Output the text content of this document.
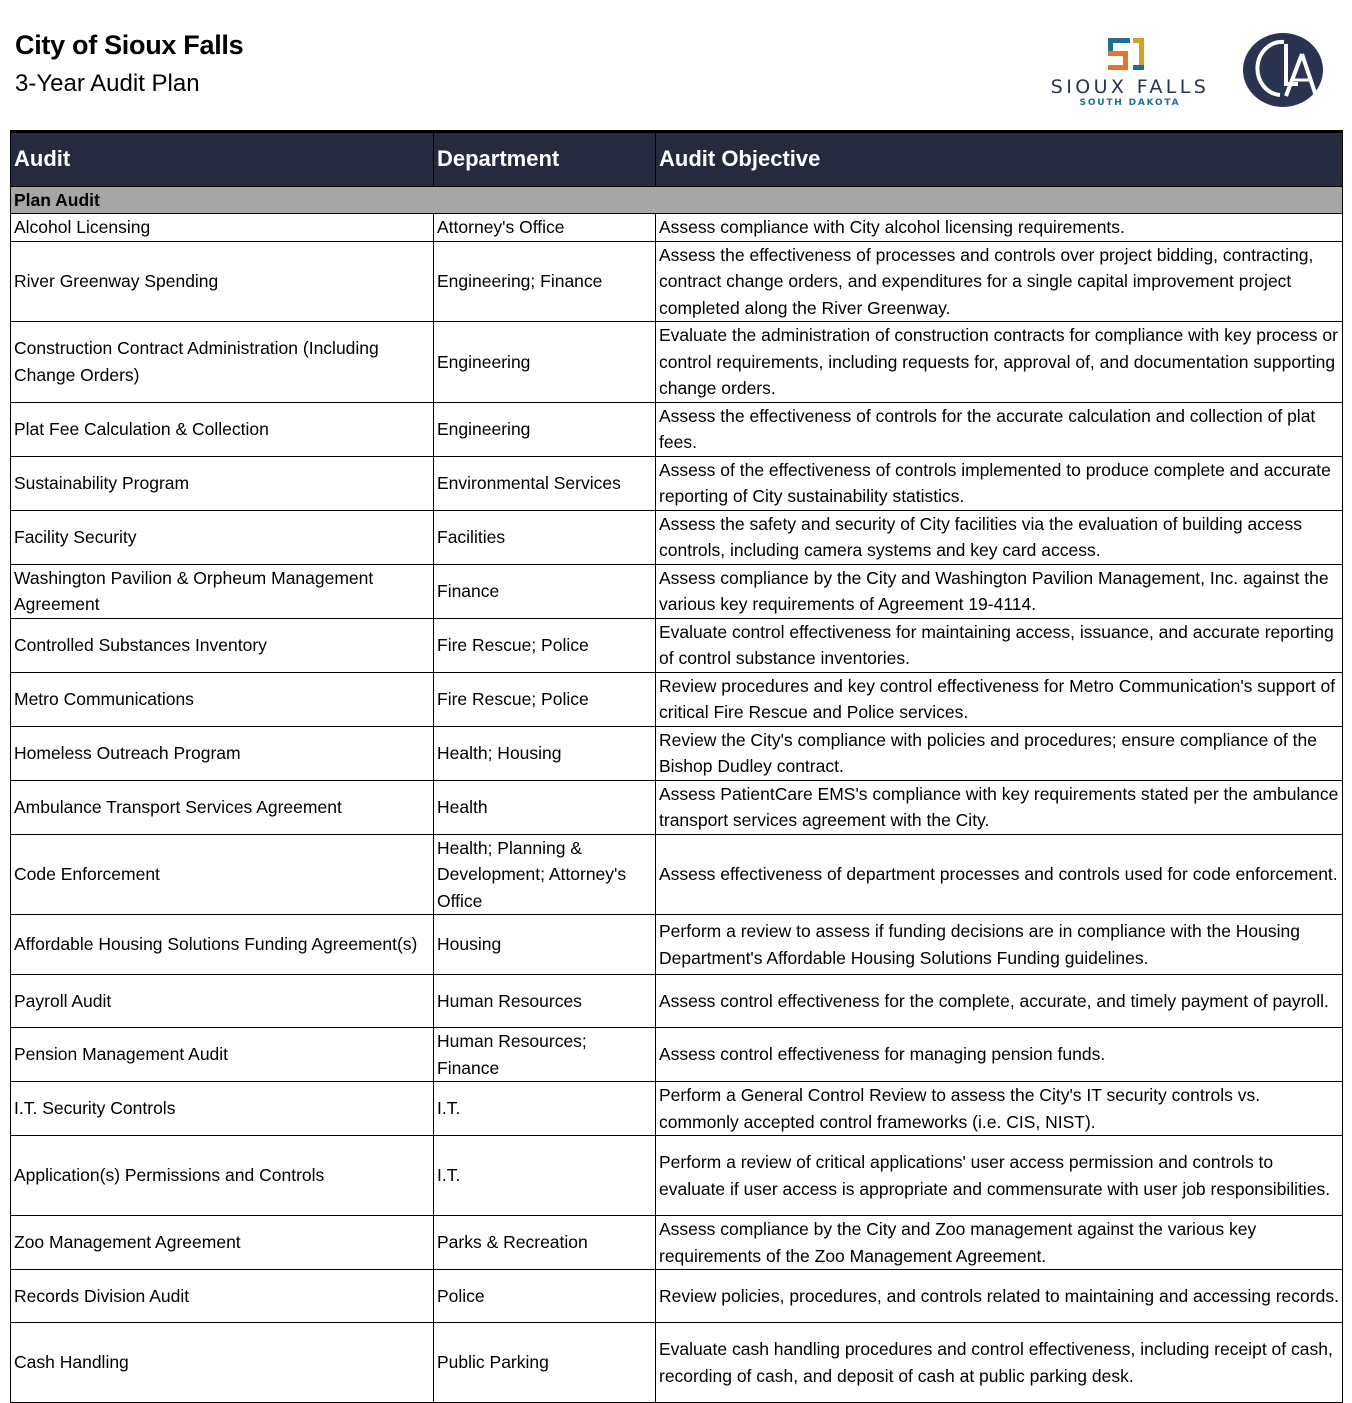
City of Sioux Falls
3-Year Audit Plan	SIOUX FALLS
SOUTH DAKOTA
Audit	Department	Audit Objective
Plan Audit		
Alcohol Licensing	Attorney's Office	Assess compliance with City alcohol licensing requirements.
River Greenway Spending	Engineering; Finance	Assess the effectiveness of processes and controls over project bidding, contracting, contract change orders, and expenditures for a single capital improvement project completed along the River Greenway.
Construction Contract Administration (Including Change Orders)	Engineering	Evaluate the administration of construction contracts for compliance with key process or control requirements, including requests for, approval of, and documentation supporting change orders.
Plat Fee Calculation & Collection	Engineering	Assess the effectiveness of controls for the accurate calculation and collection of plat fees.
Sustainability Program	Environmental Services	Assess of the effectiveness of controls implemented to produce complete and accurate reporting of City sustainability statistics.
Facility Security	Facilities	Assess the safety and security of City facilities via the evaluation of building access controls, including camera systems and key card access.
Washington Pavilion & Orpheum Management Agreement	Finance	Assess compliance by the City and Washington Pavilion Management, Inc. against the various key requirements of Agreement 19-4114.
Controlled Substances Inventory	Fire Rescue; Police	Evaluate control effectiveness for maintaining access, issuance, and accurate reporting of control substance inventories.
Metro Communications	Fire Rescue; Police	Review procedures and key control effectiveness for Metro Communication's support of critical Fire Rescue and Police services.
Homeless Outreach Program	Health; Housing	Review the City's compliance with policies and procedures; ensure compliance of the Bishop Dudley contract.
Ambulance Transport Services Agreement	Health	Assess PatientCare EMS's compliance with key requirements stated per the ambulance transport services agreement with the City.
Code Enforcement	Health; Planning & Development; Attorney's Office	Assess effectiveness of department processes and controls used for code enforcement.
Affordable Housing Solutions Funding Agreement(s)	Housing	Perform a review to assess if funding decisions are in compliance with the Housing Department's Affordable Housing Solutions Funding guidelines.
Payroll Audit	Human Resources	Assess control effectiveness for the complete, accurate, and timely payment of payroll.
Pension Management Audit	Human Resources; Finance	Assess control effectiveness for managing pension funds.
I.T. Security Controls	I.T.	Perform a General Control Review to assess the City's IT security controls vs. commonly accepted control frameworks (i.e. CIS, NIST).
Application(s) Permissions and Controls	I.T.	Perform a review of critical applications' user access permission and controls to evaluate if user access is appropriate and commensurate with user job responsibilities.
Zoo Management Agreement	Parks & Recreation	Assess compliance by the City and Zoo management against the various key requirements of the Zoo Management Agreement.
Records Division Audit	Police	Review policies, procedures, and controls related to maintaining and accessing records.
Cash Handling	Public Parking	Evaluate cash handling procedures and control effectiveness, including receipt of cash, recording of cash, and deposit of cash at public parking desk.
